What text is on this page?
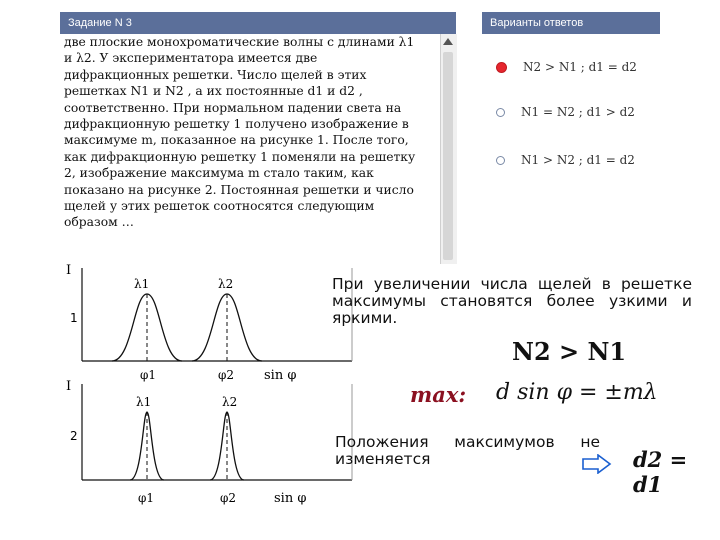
Задание N 3	Варианты ответов
две плоские монохроматические волны с длинами λ1
и λ2. У экспериментатора имеется две
дифракционных решетки. Число щелей в этих
решетках N1 и N2 , а их постоянные d1 и d2 ,
соответственно. При нормальном падении света на
дифракционную решетку 1 получено изображение в
максимуме m, показанное на рисунке 1. После того,
как дифракционную решетку 1 поменяли на решетку
2, изображение максимума m стало таким, как
показано на рисунке 2. Постоянная решетки и число
щелей у этих решеток соотносятся следующим
образом …
N2 > N1 ; d1 = d2
N1 = N2 ; d1 > d2
N1 > N2 ; d1 = d2
I
1
λ1	λ2
φ1	φ2 sin φ
I
2
λ1	λ2
φ1	φ2	sin φ
При увеличении числа щелей в решетке максимумы становятся более узкими и яркими.
N2 > N1
max: d sin φ = ±mλ
Положения максимумов не изменяется	d2 = d1
